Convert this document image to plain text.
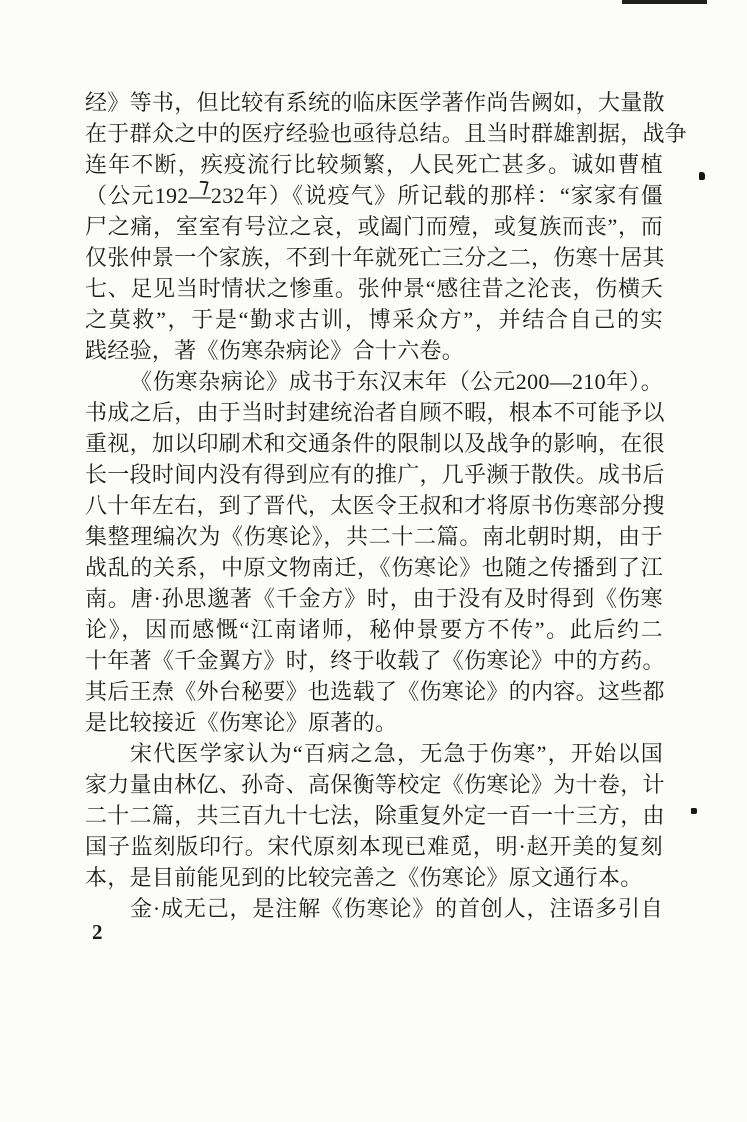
经》等书，但比较有系统的临床医学著作尚告阙如，大量散
在于群众之中的医疗经验也亟待总结。且当时群雄割据，战争
连年不断，疾疫流行比较频繁，人民死亡甚多。诚如曹植
（公元192—232年）《说疫气》所记载的那样：“家家有僵
尸之痛，室室有号泣之哀，或阖门而殪，或复族而丧”，而
仅张仲景一个家族，不到十年就死亡三分之二，伤寒十居其
七、足见当时情状之惨重。张仲景“感往昔之沦丧，伤横夭
之莫救”，于是“勤求古训，博采众方”，并结合自己的实
践经验，著《伤寒杂病论》合十六卷。
《伤寒杂病论》成书于东汉末年（公元200—210年）。
书成之后，由于当时封建统治者自顾不暇，根本不可能予以
重视，加以印刷术和交通条件的限制以及战争的影响，在很
长一段时间内没有得到应有的推广，几乎濒于散佚。成书后
八十年左右，到了晋代，太医令王叔和才将原书伤寒部分搜
集整理编次为《伤寒论》，共二十二篇。南北朝时期，由于
战乱的关系，中原文物南迁，《伤寒论》也随之传播到了江
南。唐·孙思邈著《千金方》时，由于没有及时得到《伤寒
论》，因而感慨“江南诸师，秘仲景要方不传”。此后约二
十年著《千金翼方》时，终于收载了《伤寒论》中的方药。
其后王焘《外台秘要》也选载了《伤寒论》的内容。这些都
是比较接近《伤寒论》原著的。
宋代医学家认为“百病之急，无急于伤寒”，开始以国
家力量由林亿、孙奇、高保衡等校定《伤寒论》为十卷，计
二十二篇，共三百九十七法，除重复外定一百一十三方，由
国子监刻版印行。宋代原刻本现已难觅，明·赵开美的复刻
本，是目前能见到的比较完善之《伤寒论》原文通行本。
金·成无己，是注解《伤寒论》的首创人，注语多引自
2
